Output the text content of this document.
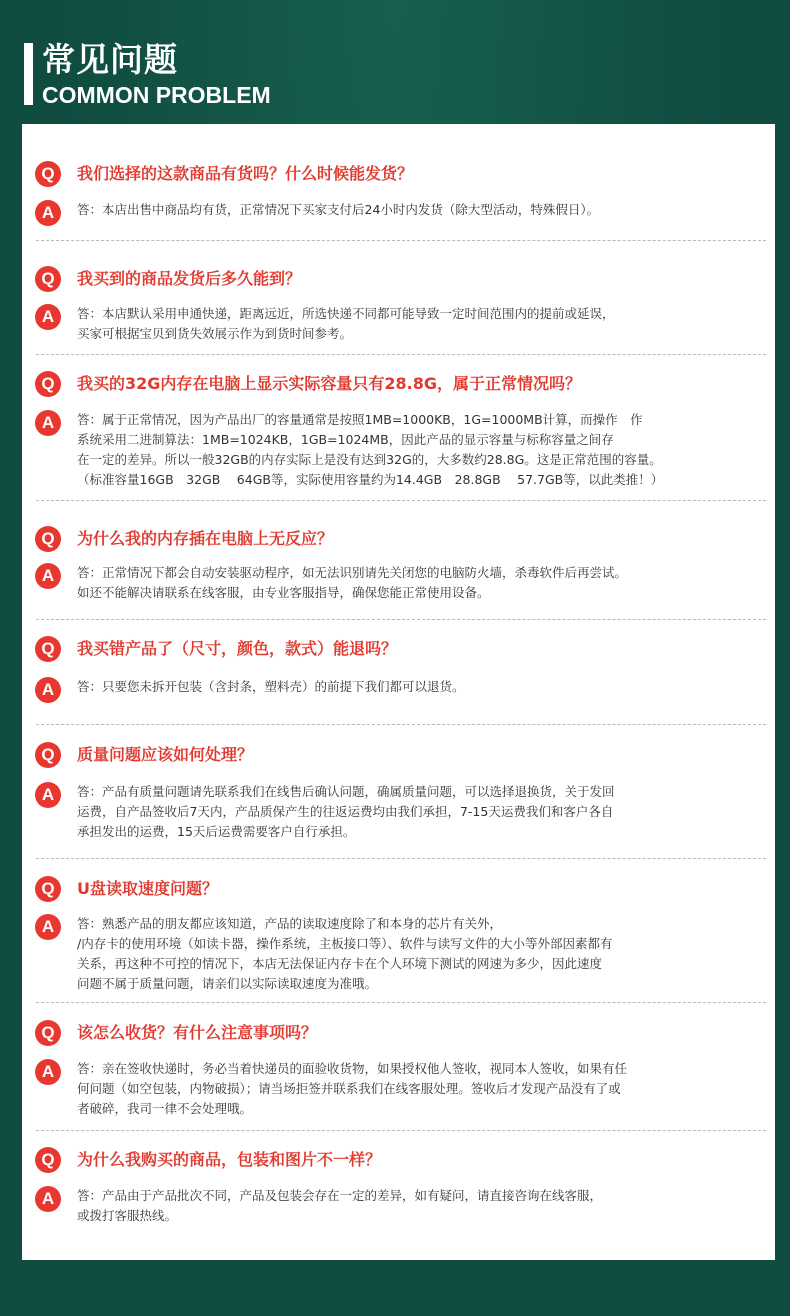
常见问题
COMMON PROBLEM
Q	我们选择的这款商品有货吗？什么时候能发货？
A	答：本店出售中商品均有货，正常情况下买家支付后24小时内发货（除大型活动，特殊假日）。
Q	我买到的商品发货后多久能到？
A	答：本店默认采用申通快递，距离远近，所选快递不同都可能导致一定时间范围内的提前或延误，
买家可根据宝贝到货失效展示作为到货时间参考。
Q	我买的32G内存在电脑上显示实际容量只有28.8G，属于正常情况吗？
A	答：属于正常情况，因为产品出厂的容量通常是按照1MB=1000KB，1G=1000MB计算，而操作　作
系统采用二进制算法：1MB=1024KB，1GB=1024MB，因此产品的显示容量与标称容量之间存
在一定的差异。所以一般32GB的内存实际上是没有达到32G的，大多数约28.8G。这是正常范围的容量。
（标准容量16GB　32GB　 64GB等，实际使用容量约为14.4GB　28.8GB　 57.7GB等，以此类推！）
Q	为什么我的内存插在电脑上无反应？
A	答：正常情况下都会自动安装驱动程序，如无法识别请先关闭您的电脑防火墙，杀毒软件后再尝试。
如还不能解决请联系在线客服，由专业客服指导，确保您能正常使用设备。
Q	我买错产品了（尺寸，颜色，款式）能退吗？
A	答：只要您未拆开包装（含封条，塑料壳）的前提下我们都可以退货。
Q	质量问题应该如何处理？
A	答：产品有质量问题请先联系我们在线售后确认问题，确属质量问题，可以选择退换货，关于发回
运费，自产品签收后7天内，产品质保产生的往返运费均由我们承担，7-15天运费我们和客户各自
承担发出的运费，15天后运费需要客户自行承担。
Q	U盘读取速度问题？
A	答：熟悉产品的朋友都应该知道，产品的读取速度除了和本身的芯片有关外，
/内存卡的使用环境（如读卡器，操作系统，主板接口等）、软件与读写文件的大小等外部因素都有
关系，再这种不可控的情况下，本店无法保证内存卡在个人环境下测试的网速为多少，因此速度
问题不属于质量问题，请亲们以实际读取速度为准哦。
Q	该怎么收货？有什么注意事项吗？
A	答：亲在签收快递时，务必当着快递员的面验收货物，如果授权他人签收，视同本人签收，如果有任
何问题（如空包装，内物破损）；请当场拒签并联系我们在线客服处理。签收后才发现产品没有了或
者破碎，我司一律不会处理哦。
Q	为什么我购买的商品，包装和图片不一样？
A	答：产品由于产品批次不同，产品及包装会存在一定的差异，如有疑问，请直接咨询在线客服，
或拨打客服热线。
